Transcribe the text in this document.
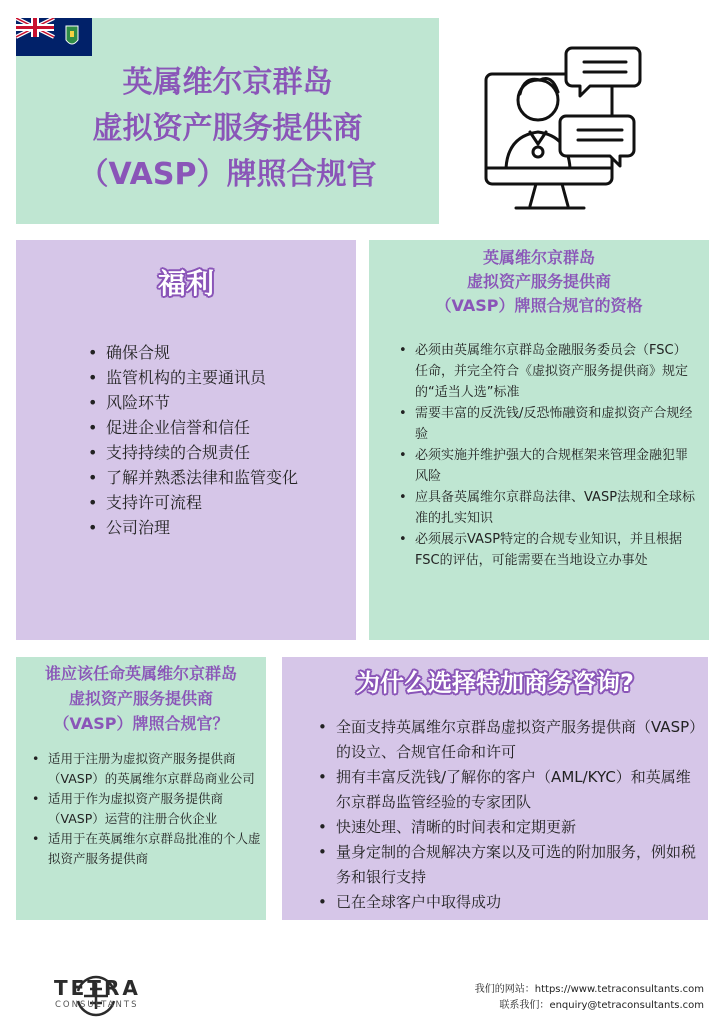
英属维尔京群岛
虚拟资产服务提供商
（VASP）牌照合规官
福利
• 确保合规
• 监管机构的主要通讯员
• 风险环节
• 促进企业信誉和信任
• 支持持续的合规责任
• 了解并熟悉法律和监管变化
• 支持许可流程
• 公司治理
英属维尔京群岛
虚拟资产服务提供商
（VASP）牌照合规官的资格
• 必须由英属维尔京群岛金融服务委员会（FSC）任命，并完全符合《虚拟资产服务提供商》规定的“适当人选”标准
• 需要丰富的反洗钱/反恐怖融资和虚拟资产合规经验
• 必须实施并维护强大的合规框架来管理金融犯罪风险
• 应具备英属维尔京群岛法律、VASP法规和全球标准的扎实知识
• 必须展示VASP特定的合规专业知识，并且根据FSC的评估，可能需要在当地设立办事处
谁应该任命英属维尔京群岛
虚拟资产服务提供商
（VASP）牌照合规官？
• 适用于注册为虚拟资产服务提供商（VASP）的英属维尔京群岛商业公司
• 适用于作为虚拟资产服务提供商（VASP）运营的注册合伙企业
• 适用于在英属维尔京群岛批准的个人虚拟资产服务提供商
为什么选择特加商务咨询?
• 全面支持英属维尔京群岛虚拟资产服务提供商（VASP）的设立、合规官任命和许可
• 拥有丰富反洗钱/了解你的客户（AML/KYC）和英属维尔京群岛监管经验的专家团队
• 快速处理、清晰的时间表和定期更新
• 量身定制的合规解决方案以及可选的附加服务，例如税务和银行支持
• 已在全球客户中取得成功
TETRA
CONSULTANTS
我们的网站：https://www.tetraconsultants.com
联系我们：enquiry@tetraconsultants.com
